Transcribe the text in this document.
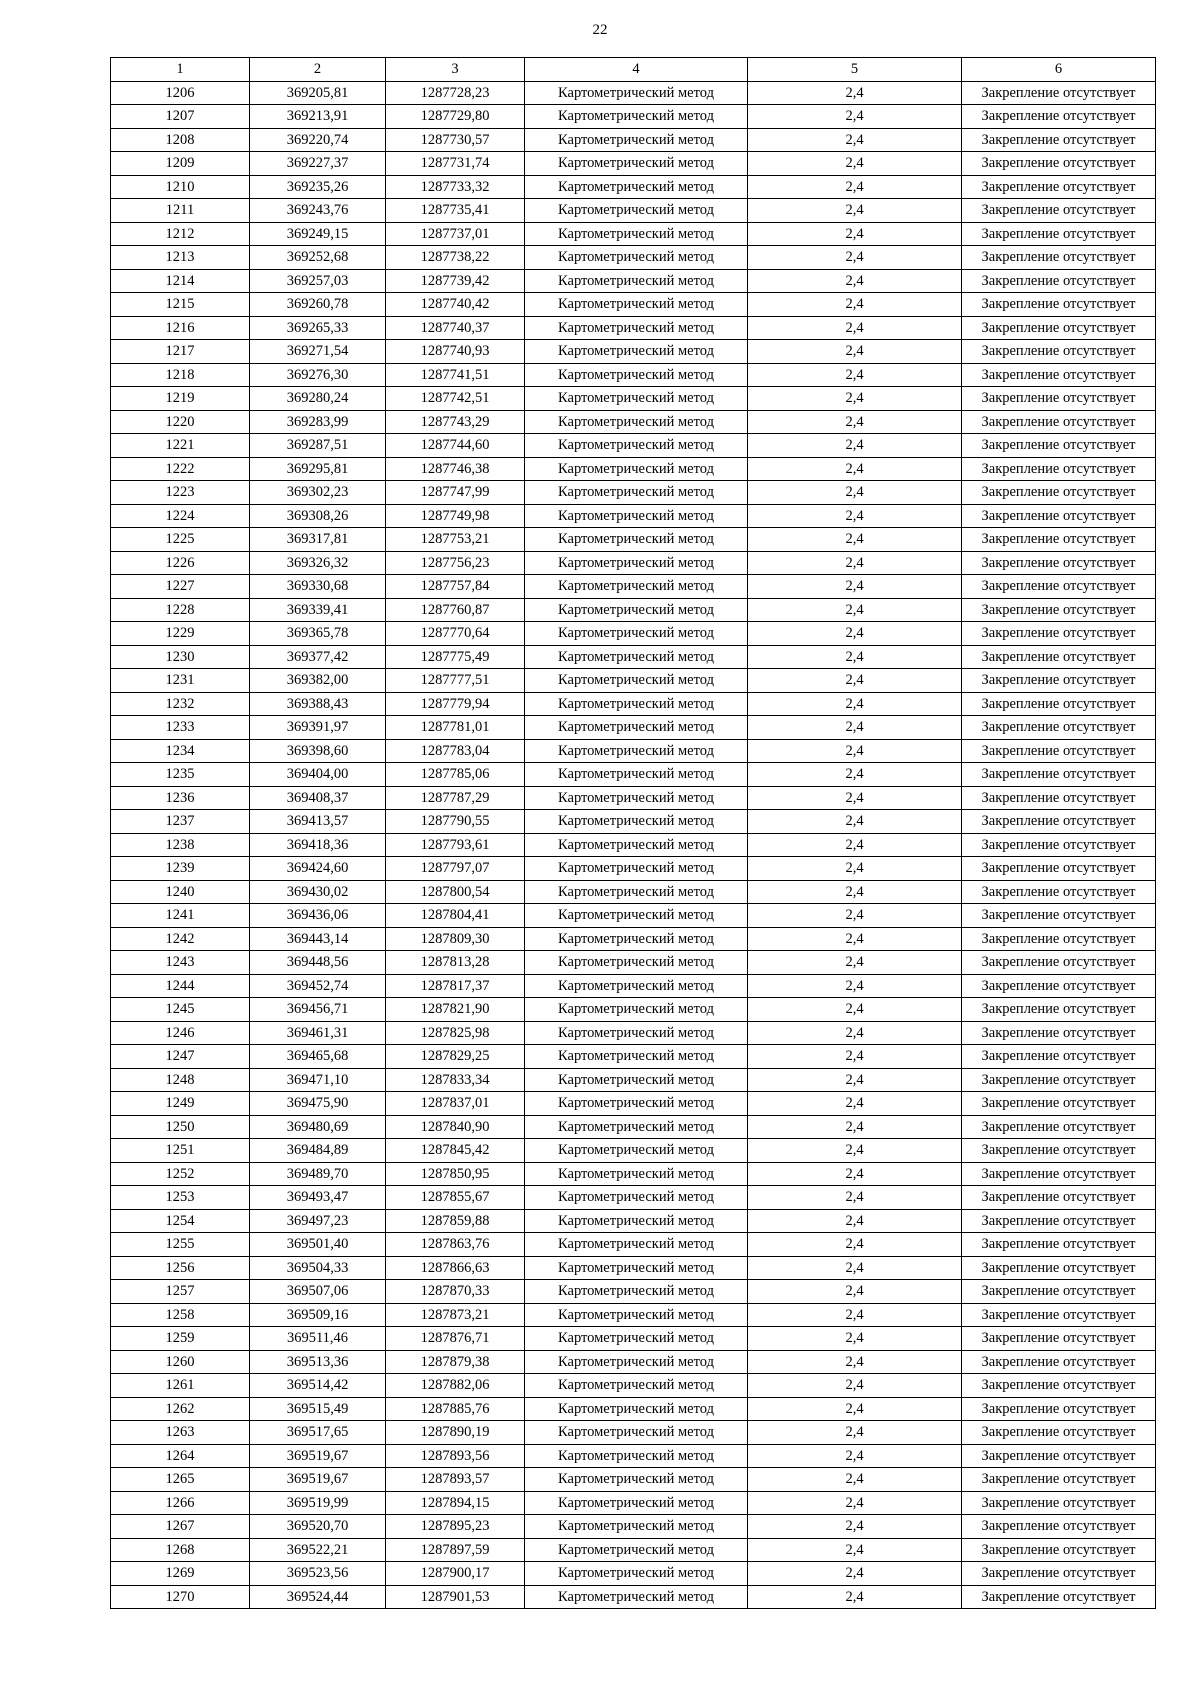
22
1	2	3	4	5	6
1206	369205,81	1287728,23	Картометрический метод	2,4	Закрепление отсутствует
1207	369213,91	1287729,80	Картометрический метод	2,4	Закрепление отсутствует
1208	369220,74	1287730,57	Картометрический метод	2,4	Закрепление отсутствует
1209	369227,37	1287731,74	Картометрический метод	2,4	Закрепление отсутствует
1210	369235,26	1287733,32	Картометрический метод	2,4	Закрепление отсутствует
1211	369243,76	1287735,41	Картометрический метод	2,4	Закрепление отсутствует
1212	369249,15	1287737,01	Картометрический метод	2,4	Закрепление отсутствует
1213	369252,68	1287738,22	Картометрический метод	2,4	Закрепление отсутствует
1214	369257,03	1287739,42	Картометрический метод	2,4	Закрепление отсутствует
1215	369260,78	1287740,42	Картометрический метод	2,4	Закрепление отсутствует
1216	369265,33	1287740,37	Картометрический метод	2,4	Закрепление отсутствует
1217	369271,54	1287740,93	Картометрический метод	2,4	Закрепление отсутствует
1218	369276,30	1287741,51	Картометрический метод	2,4	Закрепление отсутствует
1219	369280,24	1287742,51	Картометрический метод	2,4	Закрепление отсутствует
1220	369283,99	1287743,29	Картометрический метод	2,4	Закрепление отсутствует
1221	369287,51	1287744,60	Картометрический метод	2,4	Закрепление отсутствует
1222	369295,81	1287746,38	Картометрический метод	2,4	Закрепление отсутствует
1223	369302,23	1287747,99	Картометрический метод	2,4	Закрепление отсутствует
1224	369308,26	1287749,98	Картометрический метод	2,4	Закрепление отсутствует
1225	369317,81	1287753,21	Картометрический метод	2,4	Закрепление отсутствует
1226	369326,32	1287756,23	Картометрический метод	2,4	Закрепление отсутствует
1227	369330,68	1287757,84	Картометрический метод	2,4	Закрепление отсутствует
1228	369339,41	1287760,87	Картометрический метод	2,4	Закрепление отсутствует
1229	369365,78	1287770,64	Картометрический метод	2,4	Закрепление отсутствует
1230	369377,42	1287775,49	Картометрический метод	2,4	Закрепление отсутствует
1231	369382,00	1287777,51	Картометрический метод	2,4	Закрепление отсутствует
1232	369388,43	1287779,94	Картометрический метод	2,4	Закрепление отсутствует
1233	369391,97	1287781,01	Картометрический метод	2,4	Закрепление отсутствует
1234	369398,60	1287783,04	Картометрический метод	2,4	Закрепление отсутствует
1235	369404,00	1287785,06	Картометрический метод	2,4	Закрепление отсутствует
1236	369408,37	1287787,29	Картометрический метод	2,4	Закрепление отсутствует
1237	369413,57	1287790,55	Картометрический метод	2,4	Закрепление отсутствует
1238	369418,36	1287793,61	Картометрический метод	2,4	Закрепление отсутствует
1239	369424,60	1287797,07	Картометрический метод	2,4	Закрепление отсутствует
1240	369430,02	1287800,54	Картометрический метод	2,4	Закрепление отсутствует
1241	369436,06	1287804,41	Картометрический метод	2,4	Закрепление отсутствует
1242	369443,14	1287809,30	Картометрический метод	2,4	Закрепление отсутствует
1243	369448,56	1287813,28	Картометрический метод	2,4	Закрепление отсутствует
1244	369452,74	1287817,37	Картометрический метод	2,4	Закрепление отсутствует
1245	369456,71	1287821,90	Картометрический метод	2,4	Закрепление отсутствует
1246	369461,31	1287825,98	Картометрический метод	2,4	Закрепление отсутствует
1247	369465,68	1287829,25	Картометрический метод	2,4	Закрепление отсутствует
1248	369471,10	1287833,34	Картометрический метод	2,4	Закрепление отсутствует
1249	369475,90	1287837,01	Картометрический метод	2,4	Закрепление отсутствует
1250	369480,69	1287840,90	Картометрический метод	2,4	Закрепление отсутствует
1251	369484,89	1287845,42	Картометрический метод	2,4	Закрепление отсутствует
1252	369489,70	1287850,95	Картометрический метод	2,4	Закрепление отсутствует
1253	369493,47	1287855,67	Картометрический метод	2,4	Закрепление отсутствует
1254	369497,23	1287859,88	Картометрический метод	2,4	Закрепление отсутствует
1255	369501,40	1287863,76	Картометрический метод	2,4	Закрепление отсутствует
1256	369504,33	1287866,63	Картометрический метод	2,4	Закрепление отсутствует
1257	369507,06	1287870,33	Картометрический метод	2,4	Закрепление отсутствует
1258	369509,16	1287873,21	Картометрический метод	2,4	Закрепление отсутствует
1259	369511,46	1287876,71	Картометрический метод	2,4	Закрепление отсутствует
1260	369513,36	1287879,38	Картометрический метод	2,4	Закрепление отсутствует
1261	369514,42	1287882,06	Картометрический метод	2,4	Закрепление отсутствует
1262	369515,49	1287885,76	Картометрический метод	2,4	Закрепление отсутствует
1263	369517,65	1287890,19	Картометрический метод	2,4	Закрепление отсутствует
1264	369519,67	1287893,56	Картометрический метод	2,4	Закрепление отсутствует
1265	369519,67	1287893,57	Картометрический метод	2,4	Закрепление отсутствует
1266	369519,99	1287894,15	Картометрический метод	2,4	Закрепление отсутствует
1267	369520,70	1287895,23	Картометрический метод	2,4	Закрепление отсутствует
1268	369522,21	1287897,59	Картометрический метод	2,4	Закрепление отсутствует
1269	369523,56	1287900,17	Картометрический метод	2,4	Закрепление отсутствует
1270	369524,44	1287901,53	Картометрический метод	2,4	Закрепление отсутствует
